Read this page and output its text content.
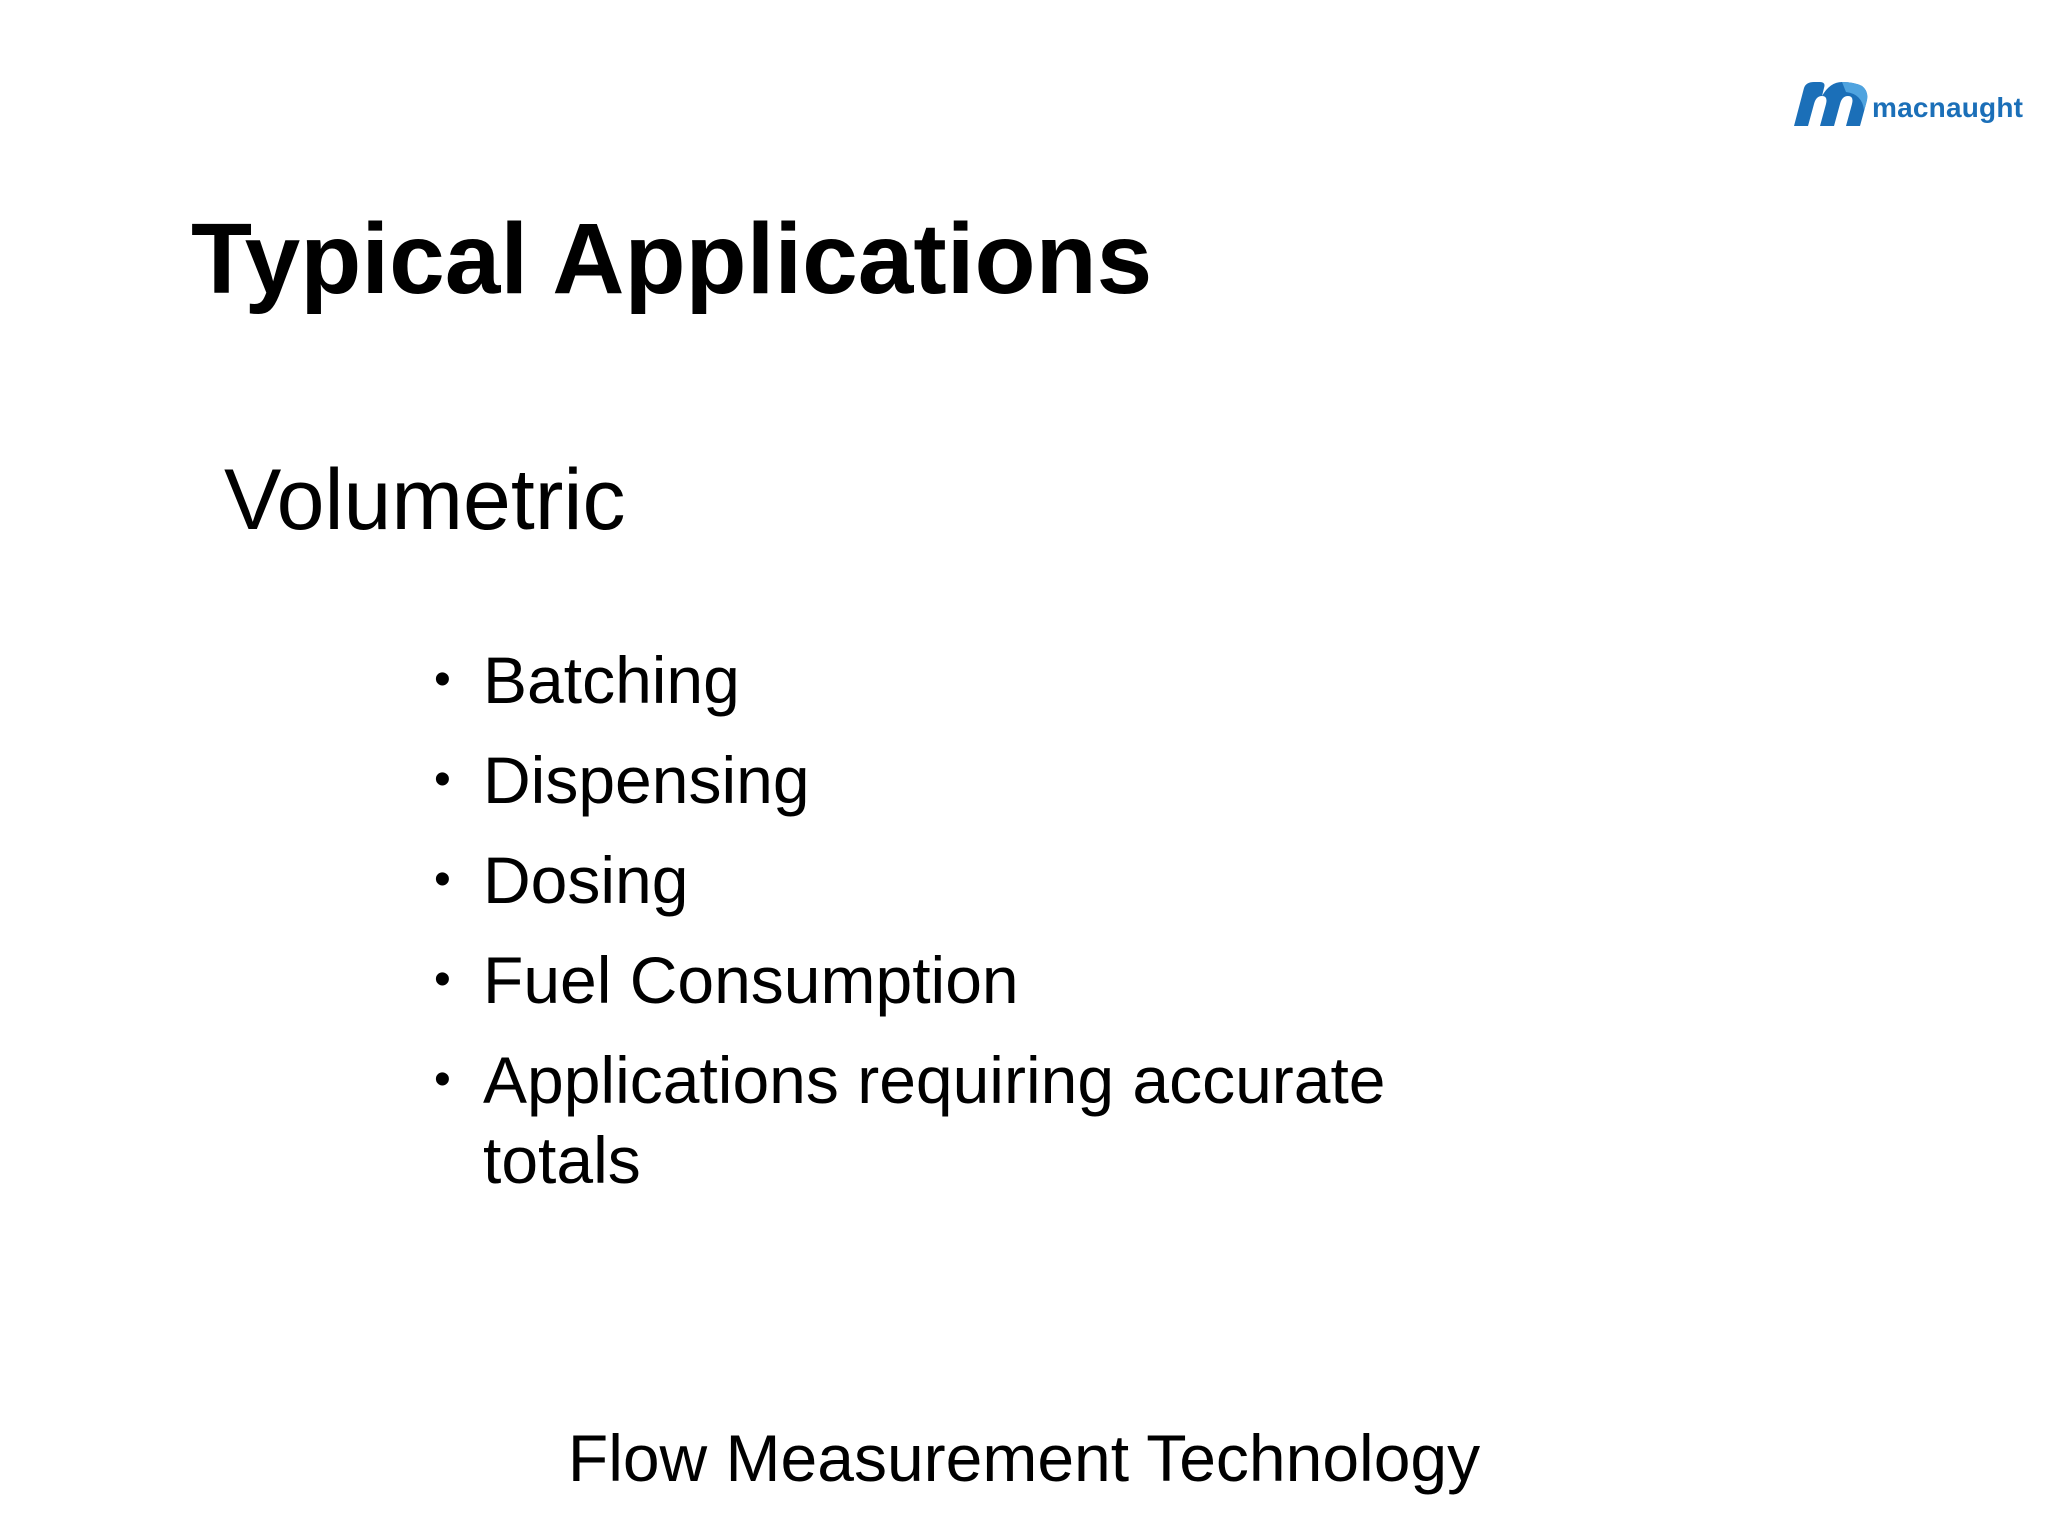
macnaught
Typical Applications
Volumetric
• Batching
• Dispensing
• Dosing
• Fuel Consumption
• Applications requiring accurate totals
Flow Measurement Technology
